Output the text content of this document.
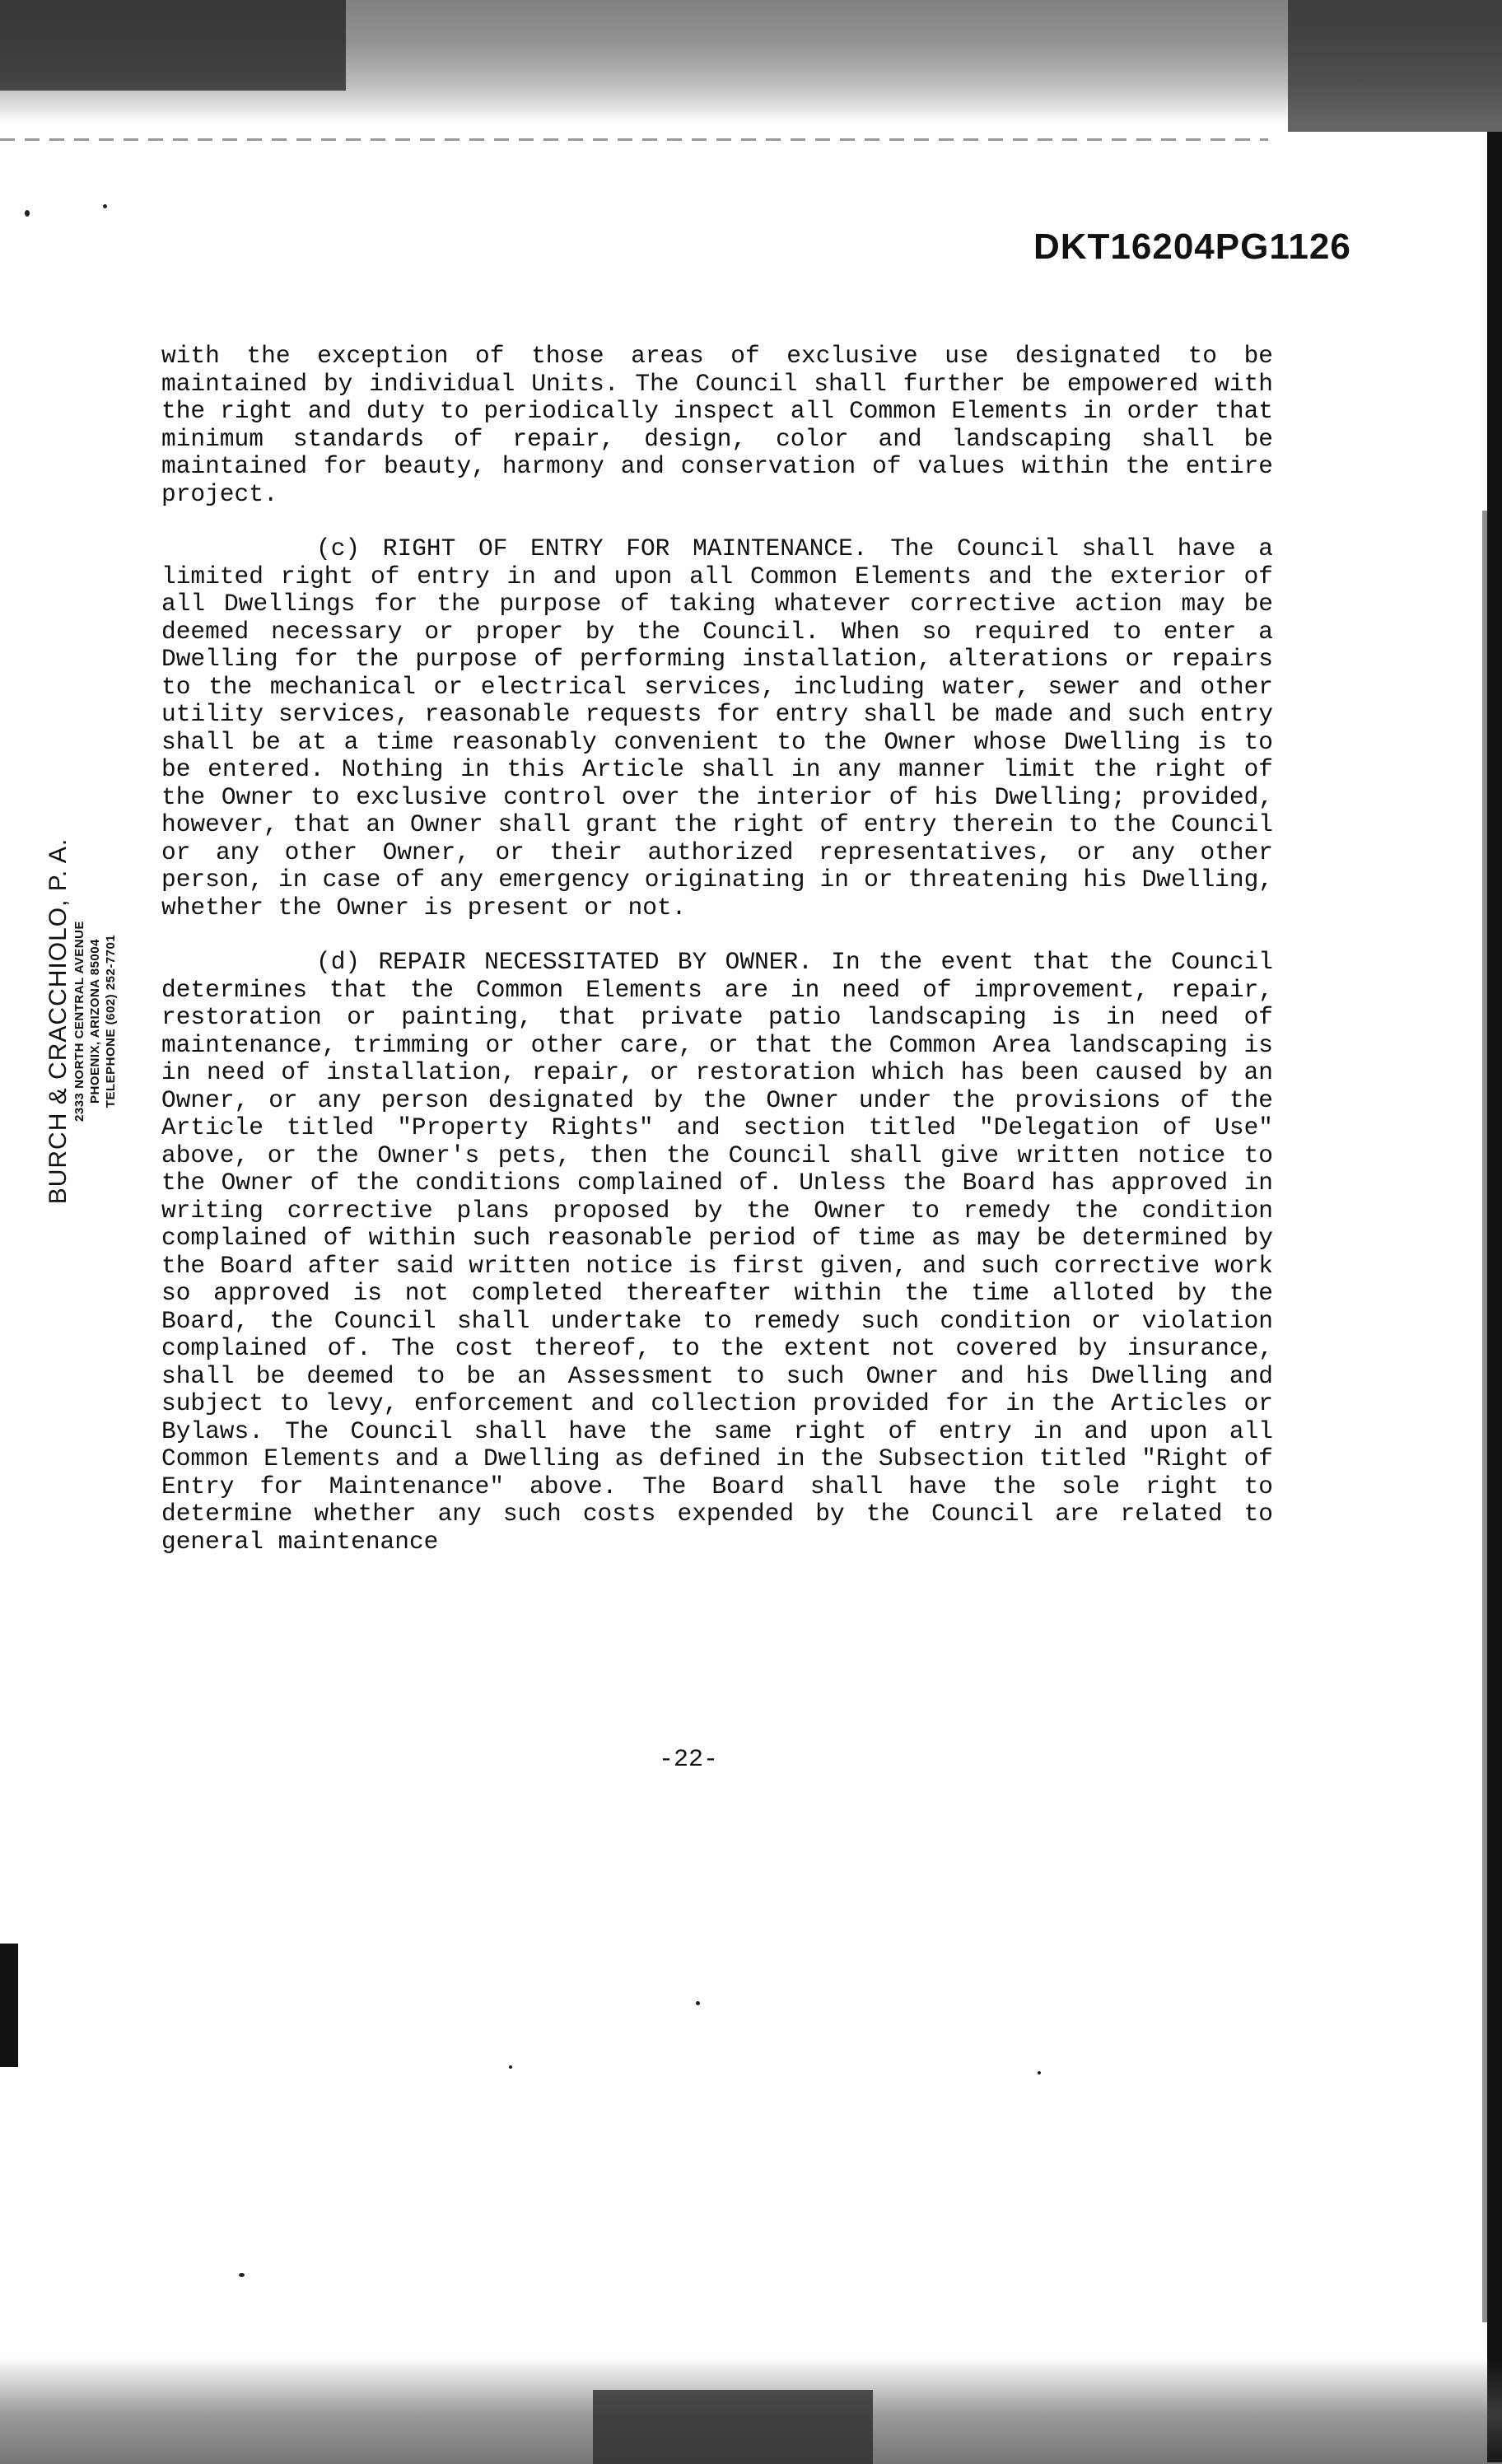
DKT16204PG1126
BURCH & CRACCHIOLO, P. A. 2333 NORTH CENTRAL AVENUE PHOENIX, ARIZONA 85004 TELEPHONE (602) 252-7701

with the exception of those areas of exclusive use designated to be maintained by individual Units. The Council shall further be empowered with the right and duty to periodically inspect all Common Elements in order that minimum standards of repair, design, color and landscaping shall be maintained for beauty, harmony and conservation of values within the entire project.

(c) RIGHT OF ENTRY FOR MAINTENANCE. The Council shall have a limited right of entry in and upon all Common Elements and the exterior of all Dwellings for the purpose of taking whatever corrective action may be deemed necessary or proper by the Council. When so required to enter a Dwelling for the purpose of performing installation, alterations or repairs to the mechanical or electrical services, including water, sewer and other utility services, reasonable requests for entry shall be made and such entry shall be at a time reasonably convenient to the Owner whose Dwelling is to be entered. Nothing in this Article shall in any manner limit the right of the Owner to exclusive control over the interior of his Dwelling; provided, however, that an Owner shall grant the right of entry therein to the Council or any other Owner, or their authorized representatives, or any other person, in case of any emergency originating in or threatening his Dwelling, whether the Owner is present or not.

(d) REPAIR NECESSITATED BY OWNER. In the event that the Council determines that the Common Elements are in need of improvement, repair, restoration or painting, that private patio landscaping is in need of maintenance, trimming or other care, or that the Common Area landscaping is in need of installation, repair, or restoration which has been caused by an Owner, or any person designated by the Owner under the provisions of the Article titled "Property Rights" and section titled "Delegation of Use" above, or the Owner's pets, then the Council shall give written notice to the Owner of the conditions complained of. Unless the Board has approved in writing corrective plans proposed by the Owner to remedy the condition complained of within such reasonable period of time as may be determined by the Board after said written notice is first given, and such corrective work so approved is not completed thereafter within the time alloted by the Board, the Council shall undertake to remedy such condition or violation complained of. The cost thereof, to the extent not covered by insurance, shall be deemed to be an Assessment to such Owner and his Dwelling and subject to levy, enforcement and collection provided for in the Articles or Bylaws. The Council shall have the same right of entry in and upon all Common Elements and a Dwelling as defined in the Subsection titled "Right of Entry for Maintenance" above. The Board shall have the sole right to determine whether any such costs expended by the Council are related to general maintenance

-22-
